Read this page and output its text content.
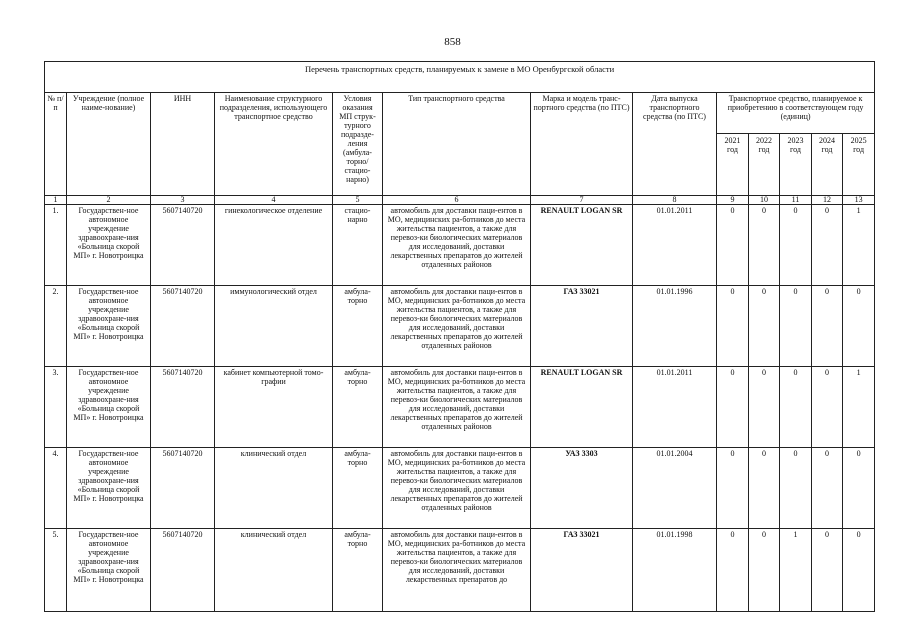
858
Перечень транспортных средств, планируемых к замене в МО Оренбургской области												
№ п/п	Учреждение (полное наиме-нование)	ИНН	Наименование структурного подразделения, использующего транспортное средство	Условия оказания МП струк-турного подразде-ления (амбула-торно/ стацио-нарно)	Тип транспортного средства	Марка и модель транс-портного средства (по ПТС)	Дата выпуска транспортного средства (по ПТС)	Транспортное средство, планируемое к приобретению в соответствующем году (единиц)				
								2021 год	2022 год	2023 год	2024 год	2025 год
1	2	3	4	5	6	7	8	9	10	11	12	13
1.	Государствен-ное автономное учреждение здравоохране-ния «Больница скорой МП» г. Новотроицка	5607140720	гинекологическое отделение	стацио-нарно	автомобиль для доставки паци-ентов в МО, медицинских ра-ботников до места жительства пациентов, а также для перевоз-ки биологических материалов для исследований, доставки лекарственных препаратов до жителей отдаленных районов	RENAULT LOGAN SR	01.01.2011	0	0	0	0	1
2.	Государствен-ное автономное учреждение здравоохране-ния «Больница скорой МП» г. Новотроицка	5607140720	иммунологический отдел	амбула-торно	автомобиль для доставки паци-ентов в МО, медицинских ра-ботников до места жительства пациентов, а также для перевоз-ки биологических материалов для исследований, доставки лекарственных препаратов до жителей отдаленных районов	ГАЗ 33021	01.01.1996	0	0	0	0	0
3.	Государствен-ное автономное учреждение здравоохране-ния «Больница скорой МП» г. Новотроицка	5607140720	кабинет компьютерной томо-графии	амбула-торно	автомобиль для доставки паци-ентов в МО, медицинских ра-ботников до места жительства пациентов, а также для перевоз-ки биологических материалов для исследований, доставки лекарственных препаратов до жителей отдаленных районов	RENAULT LOGAN SR	01.01.2011	0	0	0	0	1
4.	Государствен-ное автономное учреждение здравоохране-ния «Больница скорой МП» г. Новотроицка	5607140720	клинический отдел	амбула-торно	автомобиль для доставки паци-ентов в МО, медицинских ра-ботников до места жительства пациентов, а также для перевоз-ки биологических материалов для исследований, доставки лекарственных препаратов до жителей отдаленных районов	УАЗ 3303	01.01.2004	0	0	0	0	0
5.	Государствен-ное автономное учреждение здравоохране-ния «Больница скорой МП» г. Новотроицка	5607140720	клинический отдел	амбула-торно	автомобиль для доставки паци-ентов в МО, медицинских ра-ботников до места жительства пациентов, а также для перевоз-ки биологических материалов для исследований, доставки лекарственных препаратов до	ГАЗ 33021	01.01.1998	0	0	1	0	0
